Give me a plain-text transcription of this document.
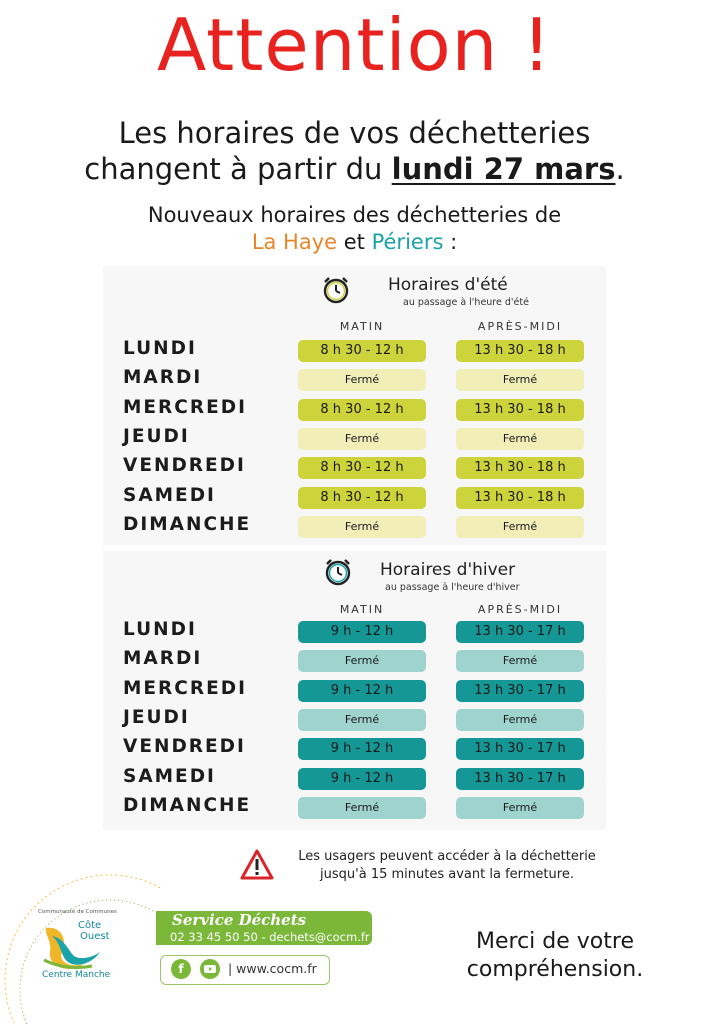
Attention !
Les horaires de vos déchetteries
changent à partir du lundi 27 mars.
Nouveaux horaires des déchetteries de
La Haye et Périers :
Horaires d'été
au passage à l'heure d'été
MATIN	APRÈS-MIDI
LUNDI	8 h 30 - 12 h	13 h 30 - 18 h
MARDI	Fermé	Fermé
MERCREDI	8 h 30 - 12 h	13 h 30 - 18 h
JEUDI	Fermé	Fermé
VENDREDI	8 h 30 - 12 h	13 h 30 - 18 h
SAMEDI	8 h 30 - 12 h	13 h 30 - 18 h
DIMANCHE	Fermé	Fermé
Horaires d'hiver
au passage à l'heure d'hiver
MATIN	APRÈS-MIDI
LUNDI	9 h - 12 h	13 h 30 - 17 h
MARDI	Fermé	Fermé
MERCREDI	9 h - 12 h	13 h 30 - 17 h
JEUDI	Fermé	Fermé
VENDREDI	9 h - 12 h	13 h 30 - 17 h
SAMEDI	9 h - 12 h	13 h 30 - 17 h
DIMANCHE	Fermé	Fermé
Les usagers peuvent accéder à la déchetterie
jusqu'à 15 minutes avant la fermeture.
Communauté de Communes
Côte
Ouest
Centre Manche
Service Déchets
02 33 45 50 50 - dechets@cocm.fr
f	| www.cocm.fr
Merci de votre
compréhension.
